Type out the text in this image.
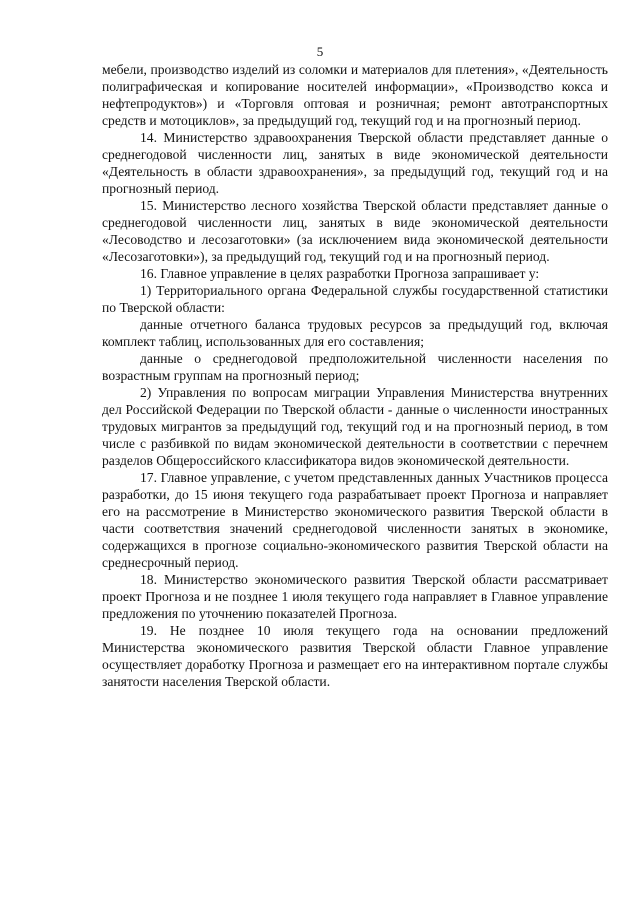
5

мебели, производство изделий из соломки и материалов для плетения», «Деятельность полиграфическая и копирование носителей информации», «Производство кокса и нефтепродуктов») и «Торговля оптовая и розничная; ремонт автотранспортных средств и мотоциклов», за предыдущий год, текущий год и на прогнозный период.

14. Министерство здравоохранения Тверской области представляет данные о среднегодовой численности лиц, занятых в виде экономической деятельности «Деятельность в области здравоохранения», за предыдущий год, текущий год и на прогнозный период.

15. Министерство лесного хозяйства Тверской области представляет данные о среднегодовой численности лиц, занятых в виде экономической деятельности «Лесоводство и лесозаготовки» (за исключением вида экономической деятельности «Лесозаготовки»), за предыдущий год, текущий год и на прогнозный период.

16. Главное управление в целях разработки Прогноза запрашивает у:

1) Территориального органа Федеральной службы государственной статистики по Тверской области:

данные отчетного баланса трудовых ресурсов за предыдущий год, включая комплект таблиц, использованных для его составления;

данные о среднегодовой предположительной численности населения по возрастным группам на прогнозный период;

2) Управления по вопросам миграции Управления Министерства внутренних дел Российской Федерации по Тверской области - данные о численности иностранных трудовых мигрантов за предыдущий год, текущий год и на прогнозный период, в том числе с разбивкой по видам экономической деятельности в соответствии с перечнем разделов Общероссийского классификатора видов экономической деятельности.

17. Главное управление, с учетом представленных данных Участников процесса разработки, до 15 июня текущего года разрабатывает проект Прогноза и направляет его на рассмотрение в Министерство экономического развития Тверской области в части соответствия значений среднегодовой численности занятых в экономике, содержащихся в прогнозе социально-экономического развития Тверской области на среднесрочный период.

18. Министерство экономического развития Тверской области рассматривает проект Прогноза и не позднее 1 июля текущего года направляет в Главное управление предложения по уточнению показателей Прогноза.

19. Не позднее 10 июля текущего года на основании предложений Министерства экономического развития Тверской области Главное управление осуществляет доработку Прогноза и размещает его на интерактивном портале службы занятости населения Тверской области.
